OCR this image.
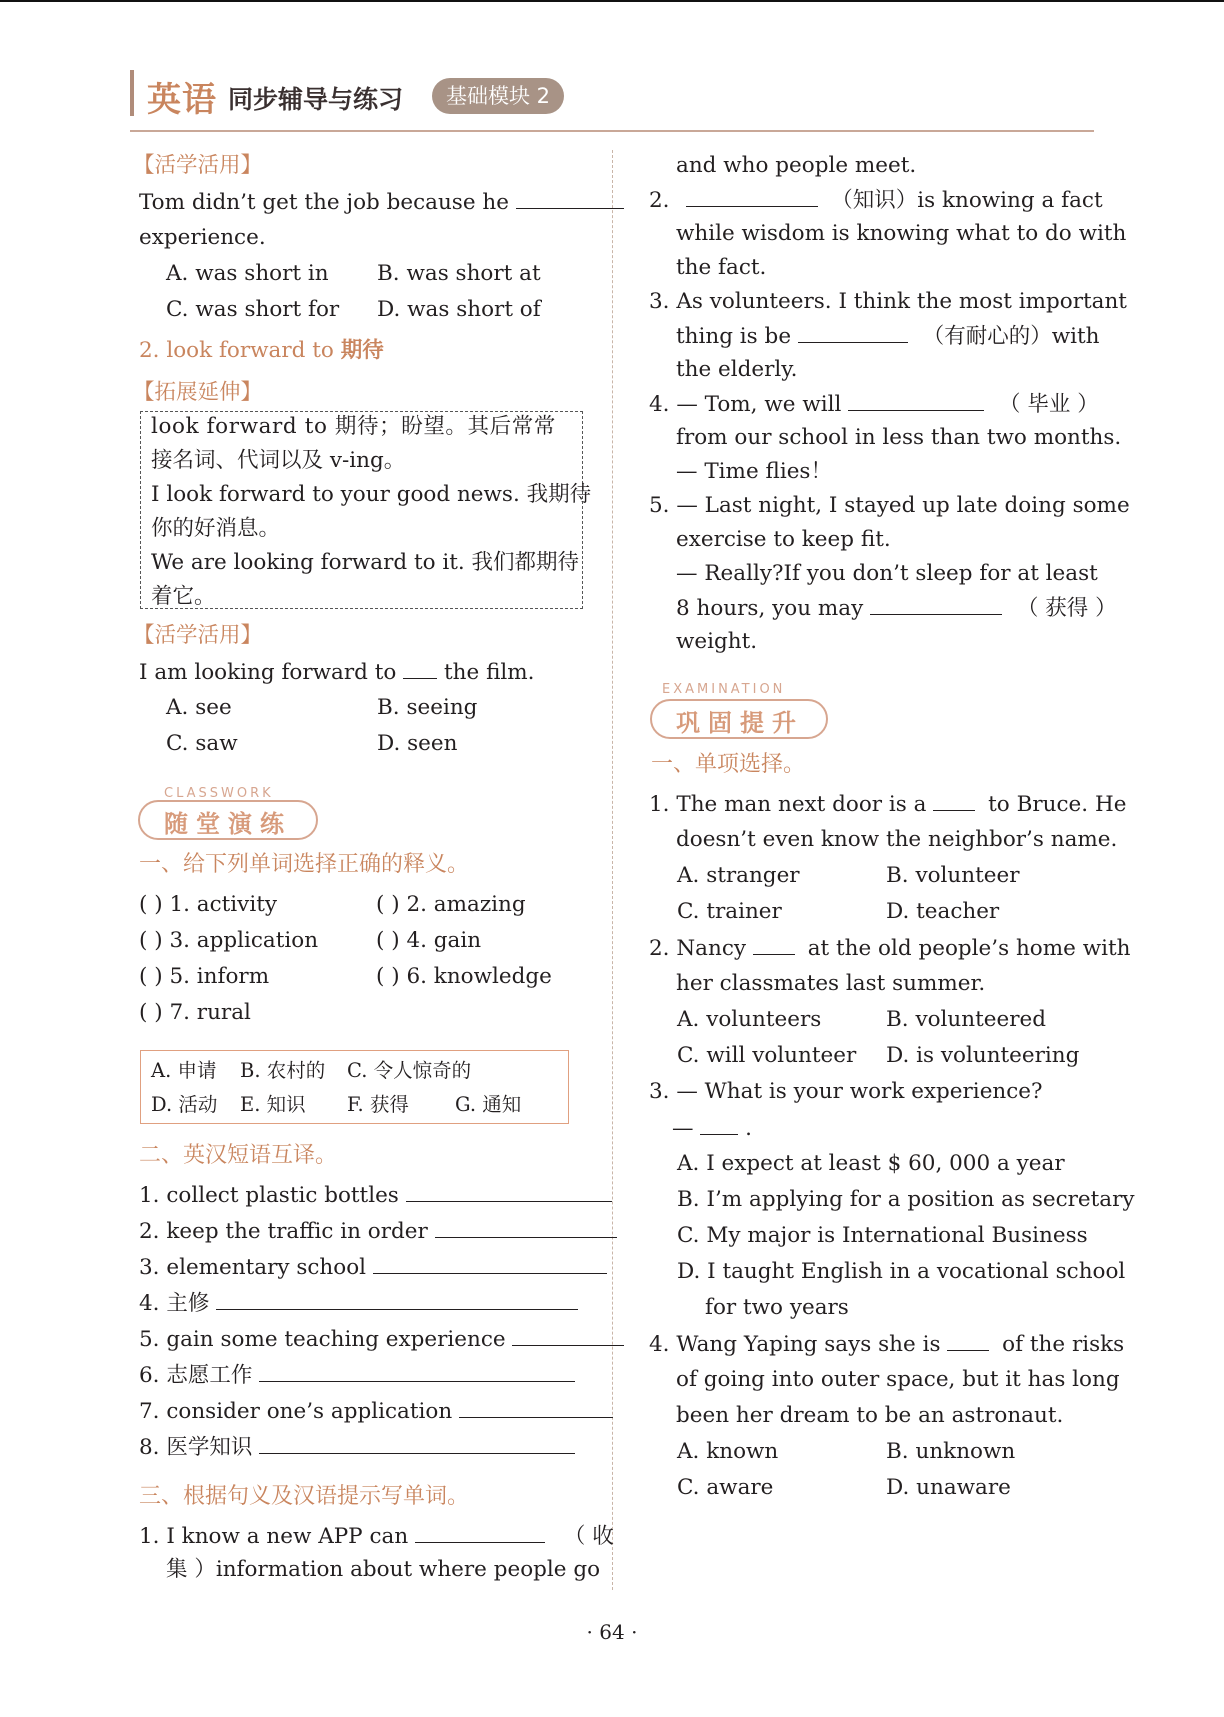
英语 同步辅导与练习	基础模块 2
【活学活用】
Tom didn’t get the job because he
experience.
A. was short in B. was short at
C. was short for D. was short of
2. look forward to 期待
【拓展延伸】
look forward to 期待；盼望。其后常常
接名词、代词以及 v-ing。
I look forward to your good news. 我期待
你的好消息。
We are looking forward to it. 我们都期待
着它。
【活学活用】
I am looking forward to the film.
A. see	B. seeing
C. saw	D. seen
CLASSWORK
随堂演练
一、给下列单词选择正确的释义。
( ) 1. activity	( ) 2. amazing
( ) 3. application	( ) 4. gain
( ) 5. inform	( ) 6. knowledge
( ) 7. rural
A. 申请 B. 农村的 C. 令人惊奇的
D. 活动 E. 知识 F. 获得 G. 通知
二、英汉短语互译。
1. collect plastic bottles
2. keep the traffic in order
3. elementary school
4. 主修
5. gain some teaching experience
6. 志愿工作
7. consider one’s application
8. 医学知识
三、根据句义及汉语提示写单词。
1. I know a new APP can	（ 收
集 ）information about where people go
and who people meet.
2.	（知识）is knowing a fact
while wisdom is knowing what to do with
the fact.
3. As volunteers. I think the most important
thing is be	（有耐心的）with
the elderly.
4. — Tom, we will	（ 毕业 ）
from our school in less than two months.
— Time flies！
5. — Last night, I stayed up late doing some
exercise to keep fit.
— Really?If you don’t sleep for at least
8 hours, you may	（ 获得 ）
weight.
EXAMINATION
巩固提升
一、单项选择。
1. The man next door is a	to Bruce. He
doesn’t even know the neighbor’s name.
A. stranger	B. volunteer
C. trainer	D. teacher
2. Nancy	at the old people’s home with
her classmates last summer.
A. volunteers	B. volunteered
C. will volunteer D. is volunteering
3. — What is your work experience?
—  .
A. I expect at least $ 60, 000 a year
B. I’m applying for a position as secretary
C. My major is International Business
D. I taught English in a vocational school
for two years
4. Wang Yaping says she is	of the risks
of going into outer space, but it has long
been her dream to be an astronaut.
A. known	B. unknown
C. aware	D. unaware
· 64 ·
